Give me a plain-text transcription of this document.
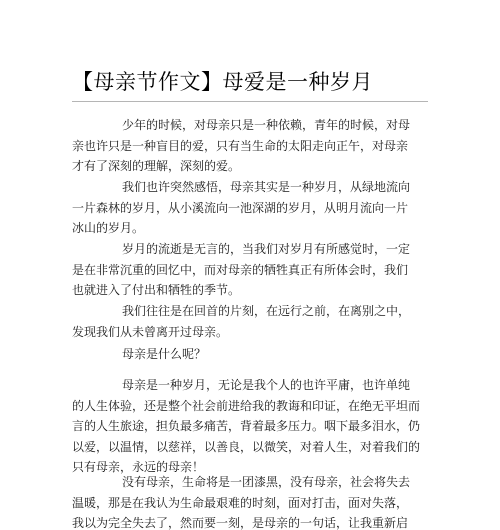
【母亲节作文】母爱是一种岁月
少年的时候，对母亲只是一种依赖，青年的时候，对母
亲也许只是一种盲目的爱，只有当生命的太阳走向正午，对母亲
才有了深刻的理解，深刻的爱。
我们也许突然感悟，母亲其实是一种岁月，从绿地流向
一片森林的岁月，从小溪流向一池深湖的岁月，从明月流向一片
冰山的岁月。
岁月的流逝是无言的，当我们对岁月有所感觉时，一定
是在非常沉重的回忆中，而对母亲的牺牲真正有所体会时，我们
也就进入了付出和牺牲的季节。
我们往往是在回首的片刻，在远行之前，在离别之中，
发现我们从未曾离开过母亲。
母亲是什么呢？
母亲是一种岁月，无论是我个人的也许平庸，也许单纯
的人生体验，还是整个社会前进给我的教诲和印证，在绝无平坦而
言的人生旅途，担负最多痛苦，背着最多压力。咽下最多泪水，仍
以爱，以温情，以慈祥，以善良，以微笑，对着人生，对着我们的
只有母亲，永远的母亲！
没有母亲，生命将是一团漆黑，没有母亲，社会将失去
温暖，那是在我认为生命最艰难的时刻，面对打击，面对失落，
我以为完全失去了，然而要一刻，是母亲的一句话，让我重新启
